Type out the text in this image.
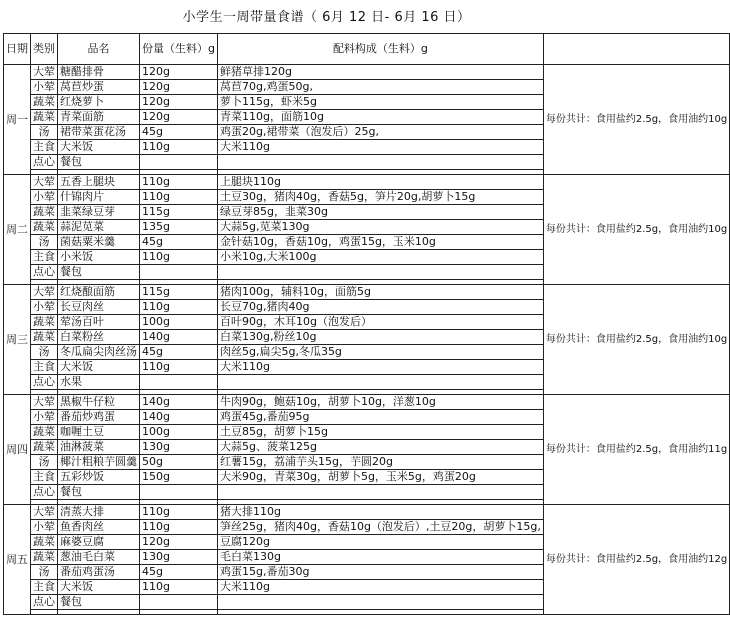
小学生一周带量食谱（ 6月 12 日- 6月 16 日）
日期	类别	品名	份量（生料）g	配料构成（生料）g	
周一	大荤	糖醋排骨	120g	鲜猪草排120g	每份共计：食用盐约2.5g，食用油约10g
	小荤	莴苣炒蛋	120g	莴苣70g,鸡蛋50g,	
	蔬菜	红烧萝卜	120g	萝卜115g，虾米5g	
	蔬菜	青菜面筋	120g	青菜110g，面筋10g	
	汤	裙带菜蛋花汤	45g	鸡蛋20g,裙带菜（泡发后）25g,	
	主食	大米饭	110g	大米110g	
	点心	餐包			

周二	大荤	五香上腿块	110g	上腿块110g	每份共计：食用盐约2.5g，食用油约10g
	小荤	什锦肉片	110g	土豆30g，猪肉40g，香菇5g，笋片20g,胡萝卜15g	
	蔬菜	韭菜绿豆芽	115g	绿豆芽85g，韭菜30g	
	蔬菜	蒜泥苋菜	135g	大蒜5g,苋菜130g	
	汤	菌菇粟米羹	45g	金针菇10g，香菇10g，鸡蛋15g，玉米10g	
	主食	小米饭	110g	小米10g,大米100g	
	点心	餐包			

周三	大荤	红烧酿面筋	115g	猪肉100g，辅料10g，面筋5g	每份共计：食用盐约2.5g，食用油约10g
	小荤	长豆肉丝	110g	长豆70g,猪肉40g	
	蔬菜	荤汤百叶	100g	百叶90g，木耳10g（泡发后）	
	蔬菜	白菜粉丝	140g	白菜130g,粉丝10g	
	汤	冬瓜扁尖肉丝汤	45g	肉丝5g,扁尖5g,冬瓜35g	
	主食	大米饭	110g	大米110g	
	点心	水果			

周四	大荤	黑椒牛仔粒	140g	牛肉90g，鲍菇10g，胡萝卜10g，洋葱10g	每份共计：食用盐约2.5g，食用油约11g
	小荤	番茄炒鸡蛋	140g	鸡蛋45g,番茄95g	
	蔬菜	咖喱土豆	100g	土豆85g，胡萝卜15g	
	蔬菜	油淋菠菜	130g	大蒜5g、菠菜125g	
	汤	椰汁粗粮芋圆羹	50g	红薯15g，荔浦芋头15g，芋圆20g	
	主食	五彩炒饭	150g	大米90g，青菜30g，胡萝卜5g，玉米5g，鸡蛋20g	
	点心	餐包			

周五	大荤	清蒸大排	110g	猪大排110g	每份共计：食用盐约2.5g，食用油约12g
	小荤	鱼香肉丝	110g	笋丝25g，猪肉40g，香菇10g（泡发后）,土豆20g，胡萝卜15g,	
	蔬菜	麻婆豆腐	120g	豆腐120g	
	蔬菜	葱油毛白菜	130g	毛白菜130g	
	汤	番茄鸡蛋汤	45g	鸡蛋15g,番茄30g	
	主食	大米饭	110g	大米110g	
	点心	餐包			
